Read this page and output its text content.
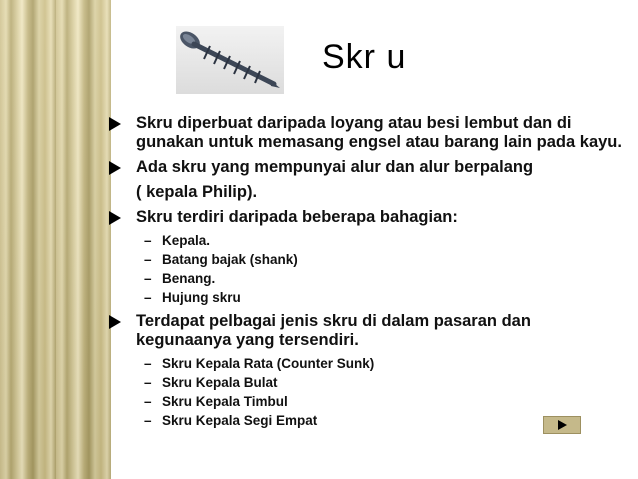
Skr u

Skru diperbuat daripada loyang atau besi lembut dan di gunakan untuk memasang engsel atau barang lain pada kayu.

Ada skru yang mempunyai alur dan alur berpalang

( kepala Philip).

Skru terdiri daripada beberapa bahagian:

– Kepala.

– Batang bajak (shank)

– Benang.

– Hujung skru

Terdapat pelbagai jenis skru di dalam pasaran dan kegunaanya yang tersendiri.

– Skru Kepala Rata (Counter Sunk)

– Skru Kepala Bulat

– Skru Kepala Timbul

– Skru Kepala Segi Empat
